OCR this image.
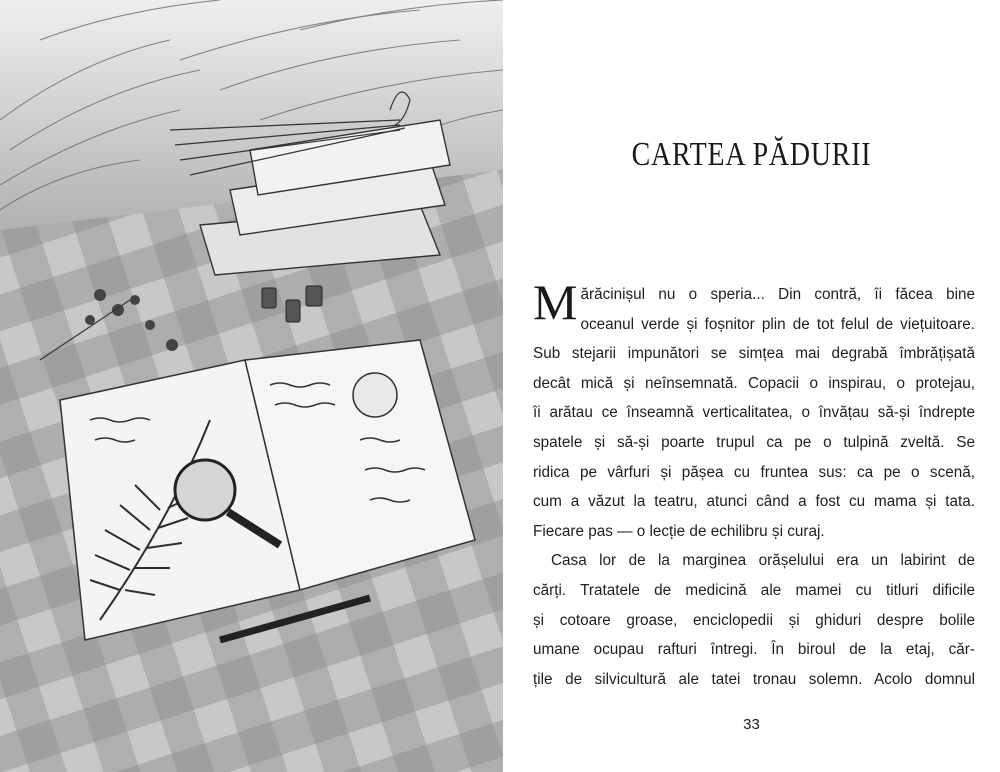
CARTEA PĂDURII
M ărăcinișul nu o speria... Din contră, îi făcea bine
oceanul verde și foșnitor plin de tot felul de viețuitoare.
Sub stejarii impunători se simțea mai degrabă îmbrățișată
decât mică și neînsemnată. Copacii o inspirau, o protejau,
îi arătau ce înseamnă verticalitatea, o învățau să-și îndrepte
spatele și să-și poarte trupul ca pe o tulpină zveltă. Se
ridica pe vârfuri și pășea cu fruntea sus: ca pe o scenă,
cum a văzut la teatru, atunci când a fost cu mama și tata.
Fiecare pas — o lecție de echilibru și curaj.
Casa lor de la marginea orășelului era un labirint de
cărți. Tratatele de medicină ale mamei cu titluri dificile
și cotoare groase, enciclopedii și ghiduri despre bolile
umane ocupau rafturi întregi. În biroul de la etaj, căr-
țile de silvicultură ale tatei tronau solemn. Acolo domnul
33
